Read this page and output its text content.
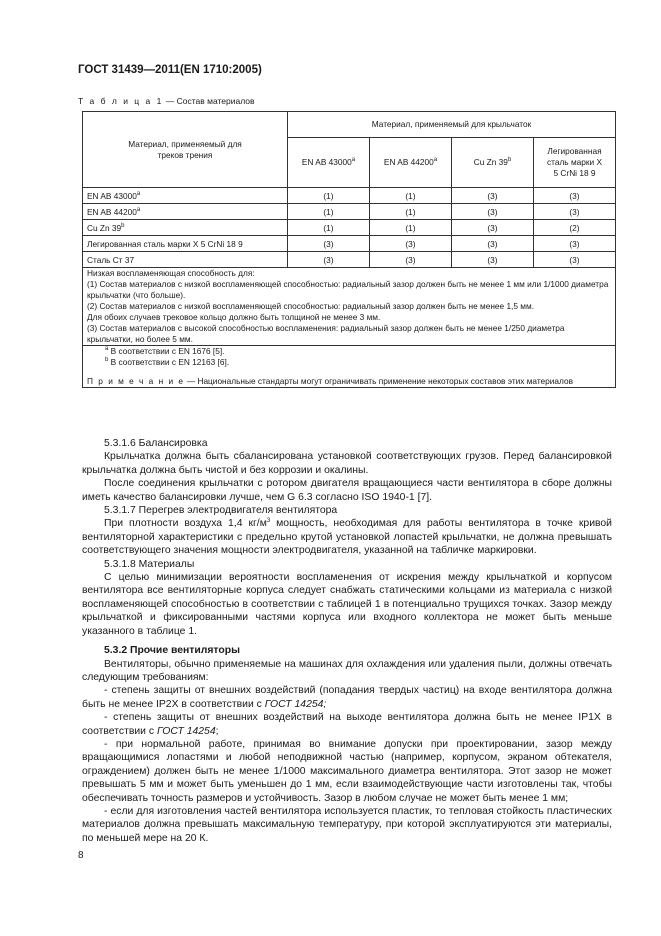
ГОСТ 31439—2011(EN 1710:2005)
Т а б л и ц а 1 — Состав материалов
Материал, применяемый для треков трения	Материал, применяемый для крыльчаток			
	EN AB 43000$^a$	EN AB 44200$^a$	Cu Zn 39$^b$	Легированная сталь марки X 5 CrNi 18 9
EN AB 43000$^a$	(1)	(1)	(3)	(3)
EN AB 44200$^a$	(1)	(1)	(3)	(3)
Cu Zn 39$^b$	(1)	(1)	(3)	(2)
Легированная сталь марки X 5 CrNi 18 9	(3)	(3)	(3)	(3)
Сталь Ст 37	(3)	(3)	(3)	(3)

Низкая воспламеняющая способность для:
(1) Состав материалов с низкой воспламеняющей способностью: радиальный зазор должен быть не менее 1 мм или 1/1000 диаметра крыльчатки (что больше).
(2) Состав материалов с низкой воспламеняющей способностью: радиальный зазор должен быть не менее 1,5 мм.
Для обоих случаев трековое кольцо должно быть толщиной не менее 3 мм.
(3) Состав материалов с высокой способностью воспламенения: радиальный зазор должен быть не менее 1/250 диаметра крыльчатки, но более 5 мм.				

$^a$ В соответствии с EN 1676 [5].
$^b$ В соответствии с EN 12163 [6].
П р и м е ч а н и е — Национальные стандарты могут ограничивать применение некоторых составов этих материалов				

5.3.1.6 Балансировка

Крыльчатка должна быть сбалансирована установкой соответствующих грузов. Перед балансировкой крыльчатка должна быть чистой и без коррозии и окалины.

После соединения крыльчатки с ротором двигателя вращающиеся части вентилятора в сборе должны иметь качество балансировки лучше, чем G 6.3 согласно ISO 1940-1 [7].

5.3.1.7 Перегрев электродвигателя вентилятора

При плотности воздуха 1,4 $кг/м^3$ мощность, необходимая для работы вентилятора в точке кривой вентиляторной характеристики с предельно крутой установкой лопастей крыльчатки, не должна превышать соответствующего значения мощности электродвигателя, указанной на табличке маркировки.

5.3.1.8 Материалы

С целью минимизации вероятности воспламенения от искрения между крыльчаткой и корпусом вентилятора все вентиляторные корпуса следует снабжать статическими кольцами из материала с низкой воспламеняющей способностью в соответствии с таблицей 1 в потенциально трущихся точках. Зазор между крыльчаткой и фиксированными частями корпуса или входного коллектора не может быть меньше указанного в таблице 1.

5.3.2 Прочие вентиляторы

Вентиляторы, обычно применяемые на машинах для охлаждения или удаления пыли, должны отвечать следующим требованиям:

- степень защиты от внешних воздействий (попадания твердых частиц) на входе вентилятора должна быть не менее IP2X в соответствии с ГОСТ 14254;

- степень защиты от внешних воздействий на выходе вентилятора должна быть не менее IP1X в соответствии с ГОСТ 14254;

- при нормальной работе, принимая во внимание допуски при проектировании, зазор между вращающимися лопастями и любой неподвижной частью (например, корпусом, экраном обтекателя, ограждением) должен быть не менее 1/1000 максимального диаметра вентилятора. Этот зазор не может превышать 5 мм и может быть уменьшен до 1 мм, если взаимодействующие части изготовлены так, чтобы обеспечивать точность размеров и устойчивость. Зазор в любом случае не может быть менее 1 мм;

- если для изготовления частей вентилятора используется пластик, то тепловая стойкость пластических материалов должна превышать максимальную температуру, при которой эксплуатируются эти материалы, по меньшей мере на 20 К.

8
